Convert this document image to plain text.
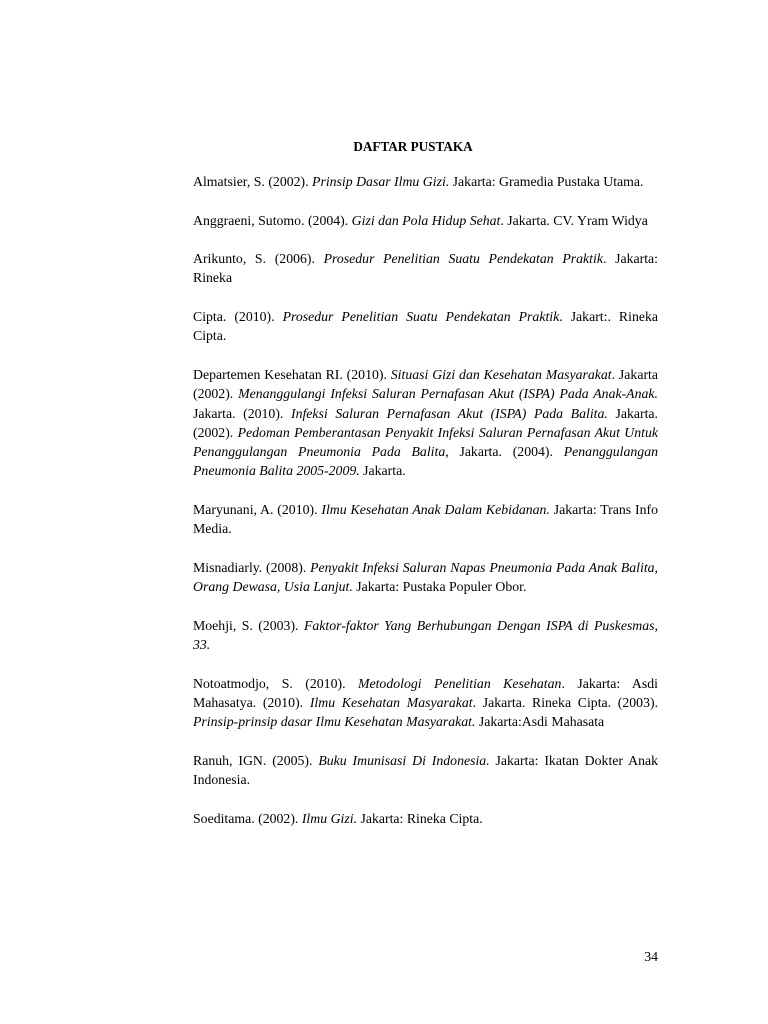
DAFTAR PUSTAKA

Almatsier, S. (2002). Prinsip Dasar Ilmu Gizi. Jakarta: Gramedia Pustaka Utama.

Anggraeni, Sutomo. (2004). Gizi dan Pola Hidup Sehat. Jakarta. CV. Yram Widya

Arikunto, S. (2006). Prosedur Penelitian Suatu Pendekatan Praktik. Jakarta: Rineka

Cipta. (2010). Prosedur Penelitian Suatu Pendekatan Praktik. Jakart:. Rineka Cipta.

Departemen Kesehatan RI. (2010). Situasi Gizi dan Kesehatan Masyarakat. Jakarta (2002). Menanggulangi Infeksi Saluran Pernafasan Akut (ISPA) Pada Anak-Anak. Jakarta. (2010). Infeksi Saluran Pernafasan Akut (ISPA) Pada Balita. Jakarta. (2002). Pedoman Pemberantasan Penyakit Infeksi Saluran Pernafasan Akut Untuk Penanggulangan Pneumonia Pada Balita, Jakarta. (2004). Penanggulangan Pneumonia Balita 2005-2009. Jakarta.

Maryunani, A. (2010). Ilmu Kesehatan Anak Dalam Kebidanan. Jakarta: Trans Info Media.

Misnadiarly. (2008). Penyakit Infeksi Saluran Napas Pneumonia Pada Anak Balita, Orang Dewasa, Usia Lanjut. Jakarta: Pustaka Populer Obor.

Moehji, S. (2003). Faktor-faktor Yang Berhubungan Dengan ISPA di Puskesmas, 33.

Notoatmodjo, S. (2010). Metodologi Penelitian Kesehatan. Jakarta: Asdi Mahasatya. (2010). Ilmu Kesehatan Masyarakat. Jakarta. Rineka Cipta. (2003). Prinsip-prinsip dasar Ilmu Kesehatan Masyarakat. Jakarta:Asdi Mahasata

Ranuh, IGN. (2005). Buku Imunisasi Di Indonesia. Jakarta: Ikatan Dokter Anak Indonesia.

Soeditama. (2002). Ilmu Gizi. Jakarta: Rineka Cipta.

34
